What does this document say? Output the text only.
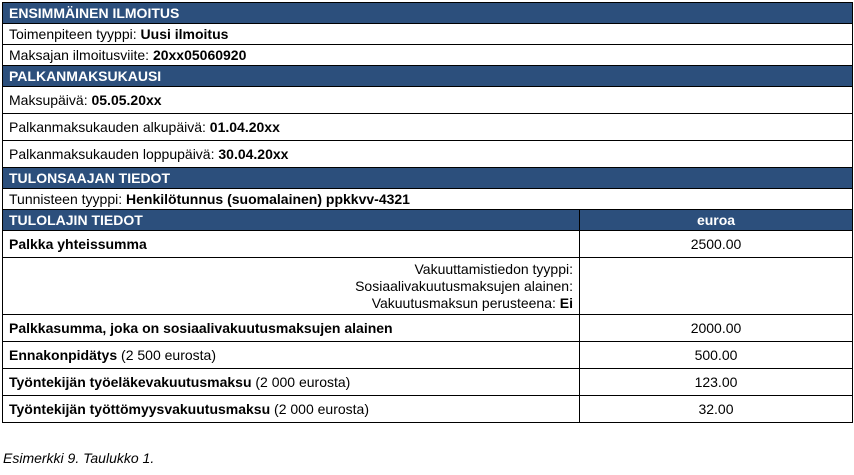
ENSIMMÄINEN ILMOITUS	
Toimenpiteen tyyppi: Uusi ilmoitus	
Maksajan ilmoitusviite: 20xx05060920	
PALKANMAKSUKAUSI	
Maksupäivä: 05.05.20xx	
Palkanmaksukauden alkupäivä: 01.04.20xx	
Palkanmaksukauden loppupäivä: 30.04.20xx	
TULONSAAJAN TIEDOT	
Tunnisteen tyyppi: Henkilötunnus (suomalainen) ppkkvv-4321	
TULOLAJIN TIEDOT	euroa
Palkka yhteissumma	2500.00

Vakuuttamistiedon tyyppi:
Sosiaalivakuutusmaksujen alainen:
Vakuutusmaksun perusteena: Ei	

Palkkasumma, joka on sosiaalivakuutusmaksujen alainen	2000.00
Ennakonpidätys (2 500 eurosta)	500.00
Työntekijän työeläkevakuutusmaksu (2 000 eurosta)	123.00
Työntekijän työttömyysvakuutusmaksu (2 000 eurosta)	32.00
Esimerkki 9. Taulukko 1.
